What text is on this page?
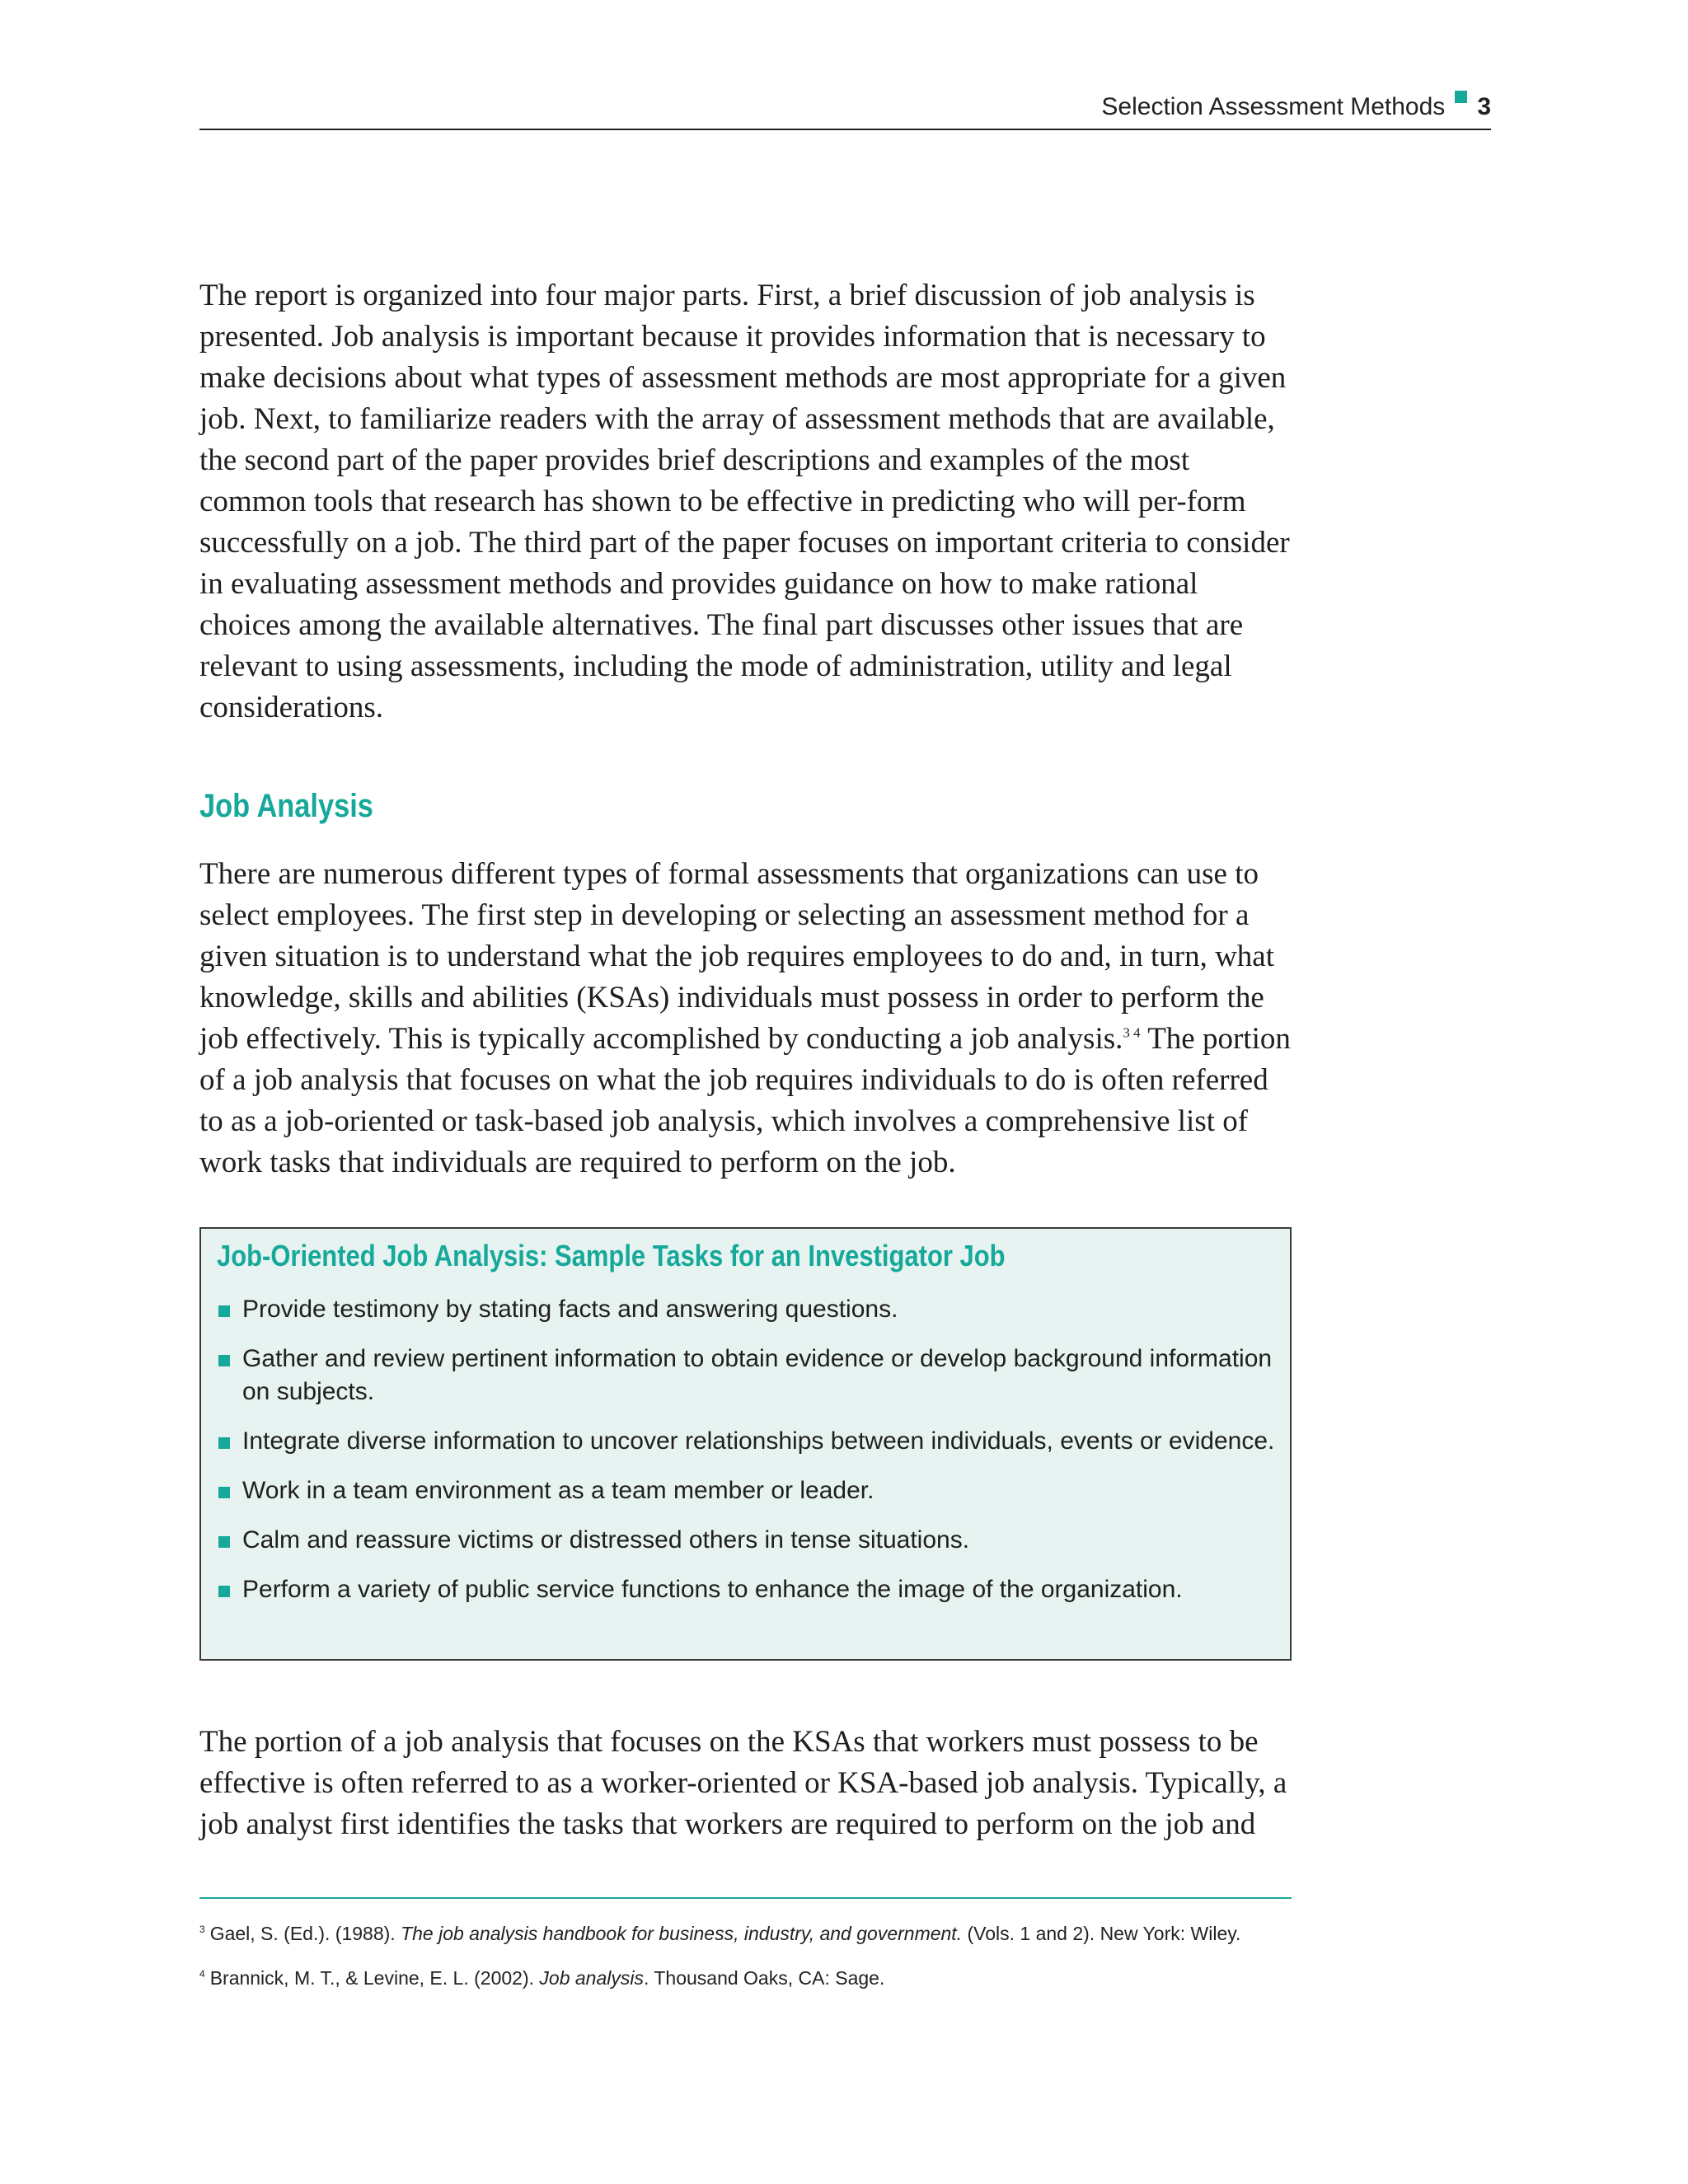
Selection Assessment Methods 3

The report is organized into four major parts. First, a brief discussion of job analysis is presented. Job analysis is important because it provides information that is necessary to make decisions about what types of assessment methods are most appropriate for a given job. Next, to familiarize readers with the array of assessment methods that are available, the second part of the paper provides brief descriptions and examples of the most common tools that research has shown to be effective in predicting who will per-form successfully on a job. The third part of the paper focuses on important criteria to consider in evaluating assessment methods and provides guidance on how to make rational choices among the available alternatives. The final part discusses other issues that are relevant to using assessments, including the mode of administration, utility and legal considerations.

Job Analysis

There are numerous different types of formal assessments that organizations can use to select employees. The first step in developing or selecting an assessment method for a given situation is to understand what the job requires employees to do and, in turn, what knowledge, skills and abilities (KSAs) individuals must possess in order to perform the job effectively. This is typically accomplished by conducting a job analysis.$^{3 4}$ The portion of a job analysis that focuses on what the job requires individuals to do is often referred to as a job-oriented or task-based job analysis, which involves a comprehensive list of work tasks that individuals are required to perform on the job.

Job-Oriented Job Analysis: Sample Tasks for an Investigator Job
Provide testimony by stating facts and answering questions.
Gather and review pertinent information to obtain evidence or develop background information on subjects.
Integrate diverse information to uncover relationships between individuals, events or evidence.
Work in a team environment as a team member or leader.
Calm and reassure victims or distressed others in tense situations.
Perform a variety of public service functions to enhance the image of the organization.

The portion of a job analysis that focuses on the KSAs that workers must possess to be effective is often referred to as a worker-oriented or KSA-based job analysis. Typically, a job analyst first identifies the tasks that workers are required to perform on the job and

$^3$ Gael, S. (Ed.). (1988). The job analysis handbook for business, industry, and government. (Vols. 1 and 2). New York: Wiley.

$^4$ Brannick, M. T., & Levine, E. L. (2002). Job analysis. Thousand Oaks, CA: Sage.
